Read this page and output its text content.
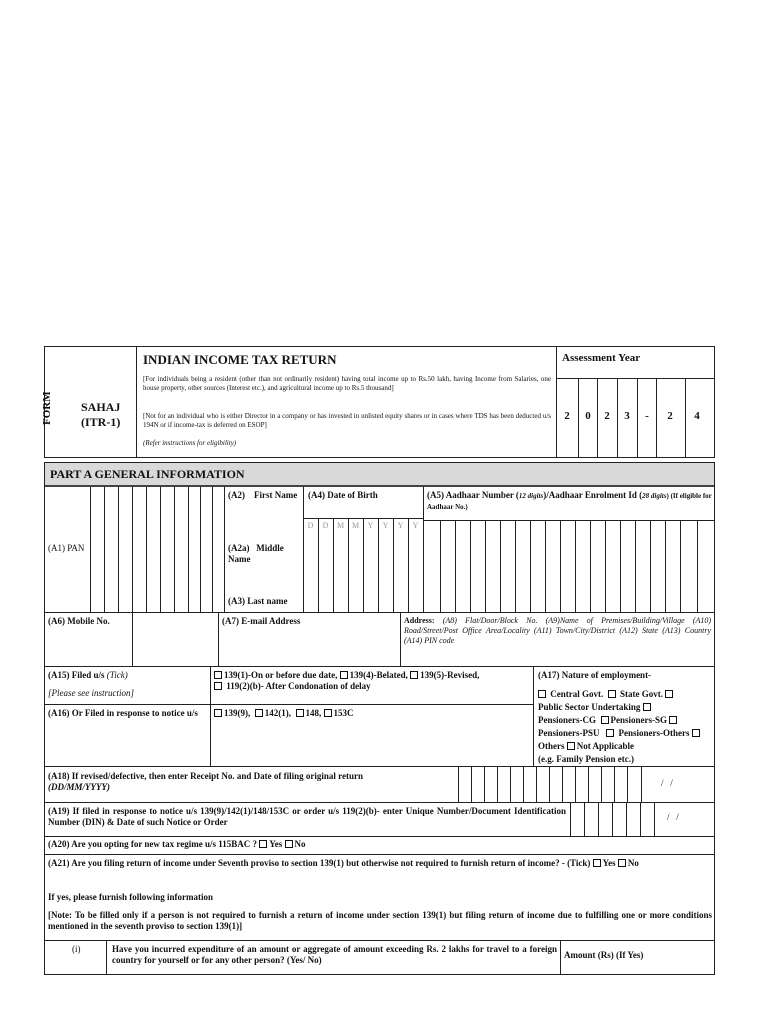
FORM SAHAJ
(ITR-1)
INDIAN INCOME TAX RETURN
[For individuals being a resident (other than not ordinarily resident) having total income up to Rs.50 lakh, having Income from Salaries, one house property, other sources (Interest etc.), and agricultural income up to Rs.5 thousand]
[Not for an individual who is either Director in a company or has invested in unlisted equity shares or in cases where TDS has been deducted u/s 194N or if income-tax is deferred on ESOP]
(Refer instructions for eligibility)
Assessment Year
2	0	2	3	-	2	4
PART A GENERAL INFORMATION
(A1) PAN
(A2)    First Name
(A2a)   Middle Name
(A3) Last name
(A4) Date of Birth
D	D	M M	Y	Y	Y	Y
(A5) Aadhaar Number (12 digits)/Aadhaar Enrolment Id (28 digits) (If eligible for Aadhaar No.)
(A6) Mobile No.	(A7) E-mail Address	Address: (A8) Flat/Door/Block No. (A9)Name of Premises/Building/Village (A10) Road/Street/Post Office Area/Locality (A11) Town/City/District (A12) State (A13) Country (A14) PIN code
(A15) Filed u/s (Tick)
[Please see instruction]
139(1)-On or before due date, 139(4)-Belated, 139(5)-Revised,
119(2)(b)- After Condonation of delay
(A16) Or Filed in response to notice u/s	139(9), 142(1), 148, 153C
(A17) Nature of employment-
Central Govt. State Govt.
Public Sector Undertaking
Pensioners-CG Pensioners-SG
Pensioners-PSU Pensioners-Others Others Not Applicable
(e.g. Family Pension etc.)
(A18) If revised/defective, then enter Receipt No. and Date of filing original return
(DD/MM/YYYY)	/   /
(A19) If filed in response to notice u/s 139(9)/142(1)/148/153C or order u/s 119(2)(b)- enter Unique Number/Document Identification Number (DIN) & Date of such Notice or Order	/   /
(A20) Are you opting for new tax regime u/s 115BAC ? Yes No
(A21) Are you filing return of income under Seventh proviso to section 139(1) but otherwise not required to furnish return of income? - (Tick) Yes No
If yes, please furnish following information
[Note: To be filled only if a person is not required to furnish a return of income under section 139(1) but filing return of income due to fulfilling one or more conditions mentioned in the seventh proviso to section 139(1)]
(i)	Have you incurred expenditure of an amount or aggregate of amount exceeding Rs. 2 lakhs for travel to a foreign country for yourself or for any other person? (Yes/ No)	Amount (Rs) (If Yes)
